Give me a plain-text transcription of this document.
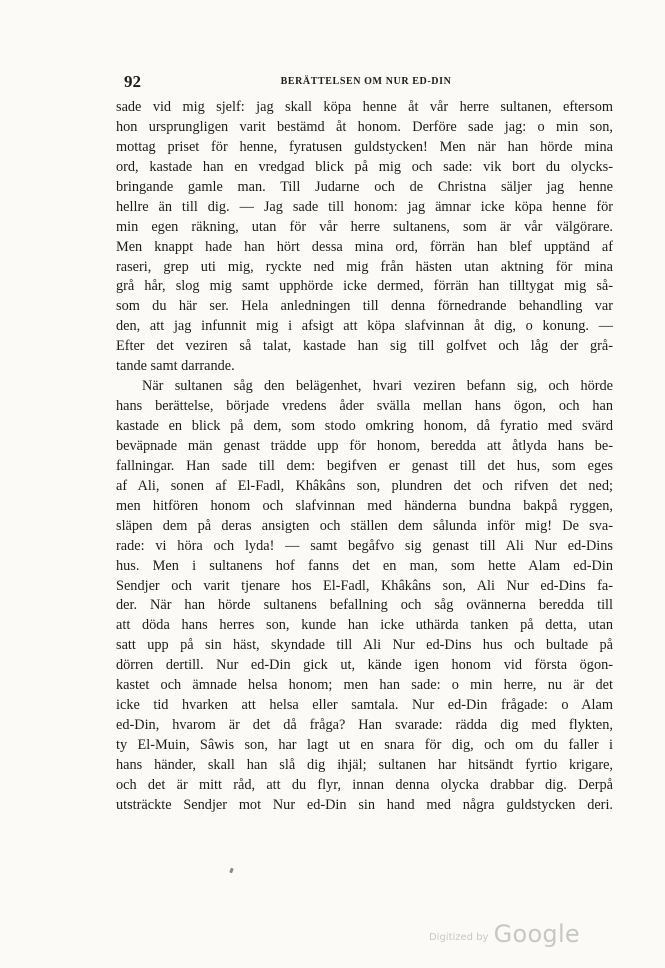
92	BERÄTTELSEN OM NUR ED-DIN
sade vid mig sjelf: jag skall köpa henne åt vår herre sultanen, eftersom
hon ursprungligen varit bestämd åt honom. Derföre sade jag: o min son,
mottag priset för henne, fyratusen guldstycken! Men när han hörde mina
ord, kastade han en vredgad blick på mig och sade: vik bort du olycks-
bringande gamle man. Till Judarne och de Christna säljer jag henne
hellre än till dig. — Jag sade till honom: jag ämnar icke köpa henne för
min egen räkning, utan för vår herre sultanens, som är vår välgörare.
Men knappt hade han hört dessa mina ord, förrän han blef upptänd af
raseri, grep uti mig, ryckte ned mig från hästen utan aktning för mina
grå hår, slog mig samt upphörde icke dermed, förrän han tilltygat mig så-
som du här ser. Hela anledningen till denna förnedrande behandling var
den, att jag infunnit mig i afsigt att köpa slafvinnan åt dig, o konung. —
Efter det veziren så talat, kastade han sig till golfvet och låg der grå-
tande samt darrande.
När sultanen såg den belägenhet, hvari veziren befann sig, och hörde
hans berättelse, började vredens åder svälla mellan hans ögon, och han
kastade en blick på dem, som stodo omkring honom, då fyratio med svärd
beväpnade män genast trädde upp för honom, beredda att åtlyda hans be-
fallningar. Han sade till dem: begifven er genast till det hus, som eges
af Ali, sonen af El-Fadl, Khâkâns son, plundren det och rifven det ned;
men hitfören honom och slafvinnan med händerna bundna bakpå ryggen,
släpen dem på deras ansigten och ställen dem sålunda inför mig! De sva-
rade: vi höra och lyda! — samt begåfvo sig genast till Ali Nur ed-Dins
hus. Men i sultanens hof fanns det en man, som hette Alam ed-Din
Sendjer och varit tjenare hos El-Fadl, Khâkâns son, Ali Nur ed-Dins fa-
der. När han hörde sultanens befallning och såg ovännerna beredda till
att döda hans herres son, kunde han icke uthärda tanken på detta, utan
satt upp på sin häst, skyndade till Ali Nur ed-Dins hus och bultade på
dörren dertill. Nur ed-Din gick ut, kände igen honom vid första ögon-
kastet och ämnade helsa honom; men han sade: o min herre, nu är det
icke tid hvarken att helsa eller samtala. Nur ed-Din frågade: o Alam
ed-Din, hvarom är det då fråga? Han svarade: rädda dig med flykten,
ty El-Muin, Sâwis son, har lagt ut en snara för dig, och om du faller i
hans händer, skall han slå dig ihjäl; sultanen har hitsändt fyrtio krigare,
och det är mitt råd, att du flyr, innan denna olycka drabbar dig. Derpå
utsträckte Sendjer mot Nur ed-Din sin hand med några guldstycken deri.
Digitized by Google
